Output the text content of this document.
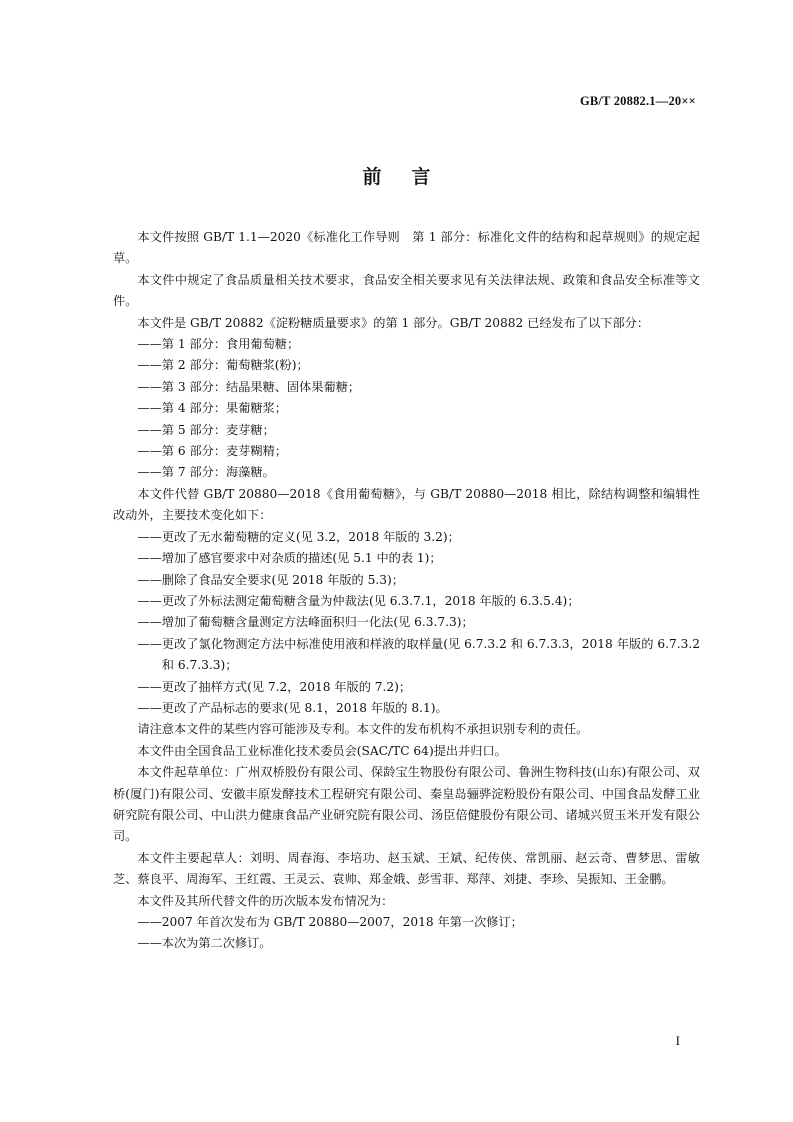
GB/T 20882.1—20××
前言

本文件按照 GB/T 1.1—2020《标准化工作导则　第 1 部分：标准化文件的结构和起草规则》的规定起草。

本文件中规定了食品质量相关技术要求，食品安全相关要求见有关法律法规、政策和食品安全标准等文件。

本文件是 GB/T 20882《淀粉糖质量要求》的第 1 部分。GB/T 20882 已经发布了以下部分：

——第 1 部分：食用葡萄糖；

——第 2 部分：葡萄糖浆(粉)；

——第 3 部分：结晶果糖、固体果葡糖；

——第 4 部分：果葡糖浆；

——第 5 部分：麦芽糖；

——第 6 部分：麦芽糊精；

——第 7 部分：海藻糖。

本文件代替 GB/T 20880—2018《食用葡萄糖》，与 GB/T 20880—2018 相比，除结构调整和编辑性改动外，主要技术变化如下：

——更改了无水葡萄糖的定义(见 3.2，2018 年版的 3.2)；

——增加了感官要求中对杂质的描述(见 5.1 中的表 1)；

——删除了食品安全要求(见 2018 年版的 5.3)；

——更改了外标法测定葡萄糖含量为仲裁法(见 6.3.7.1，2018 年版的 6.3.5.4)；

——增加了葡萄糖含量测定方法峰面积归一化法(见 6.3.7.3)；

——更改了氯化物测定方法中标准使用液和样液的取样量(见 6.7.3.2 和 6.7.3.3，2018 年版的 6.7.3.2 和 6.7.3.3)；

——更改了抽样方式(见 7.2，2018 年版的 7.2)；

——更改了产品标志的要求(见 8.1，2018 年版的 8.1)。

请注意本文件的某些内容可能涉及专利。本文件的发布机构不承担识别专利的责任。

本文件由全国食品工业标准化技术委员会(SAC/TC 64)提出并归口。

本文件起草单位：广州双桥股份有限公司、保龄宝生物股份有限公司、鲁洲生物科技(山东)有限公司、双桥(厦门)有限公司、安徽丰原发酵技术工程研究有限公司、秦皇岛骊骅淀粉股份有限公司、中国食品发酵工业研究院有限公司、中山洪力健康食品产业研究院有限公司、汤臣倍健股份有限公司、诸城兴贸玉米开发有限公司。

本文件主要起草人：刘明、周春海、李培功、赵玉斌、王斌、纪传侠、常凯丽、赵云奇、曹梦思、雷敏芝、蔡良平、周海军、王红霞、王灵云、袁帅、郑金娥、彭雪菲、郑萍、刘捷、李珍、吴振知、王金鹏。

本文件及其所代替文件的历次版本发布情况为：

——2007 年首次发布为 GB/T 20880—2007，2018 年第一次修订；

——本次为第二次修订。

I
